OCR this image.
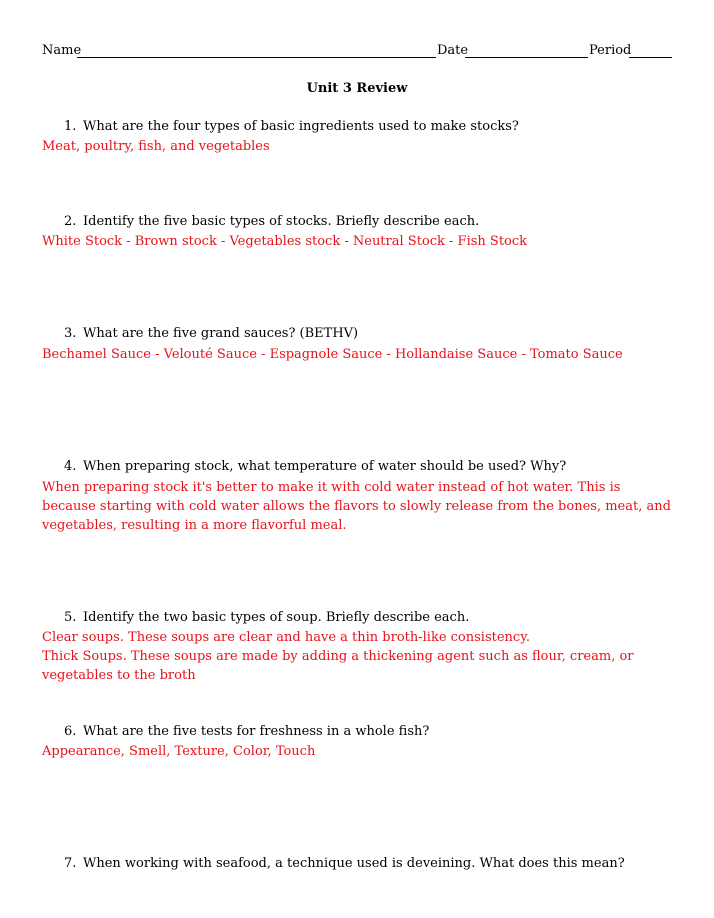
Name	Date	Period
Unit 3 Review
1. What are the four types of basic ingredients used to make stocks?
Meat, poultry, fish, and vegetables
2. Identify the five basic types of stocks. Briefly describe each.
White Stock - Brown stock - Vegetables stock - Neutral Stock - Fish Stock
3. What are the five grand sauces? (BETHV)
Bechamel Sauce - Velouté Sauce - Espagnole Sauce - Hollandaise Sauce - Tomato Sauce
4. When preparing stock, what temperature of water should be used? Why?
When preparing stock it's better to make it with cold water instead of hot water. This is because starting with cold water allows the flavors to slowly release from the bones, meat, and vegetables, resulting in a more flavorful meal.
5. Identify the two basic types of soup. Briefly describe each.
Clear soups. These soups are clear and have a thin broth-like consistency.
Thick Soups. These soups are made by adding a thickening agent such as flour, cream, or vegetables to the broth
6. What are the five tests for freshness in a whole fish?
Appearance, Smell, Texture, Color, Touch
7. When working with seafood, a technique used is deveining. What does this mean?
